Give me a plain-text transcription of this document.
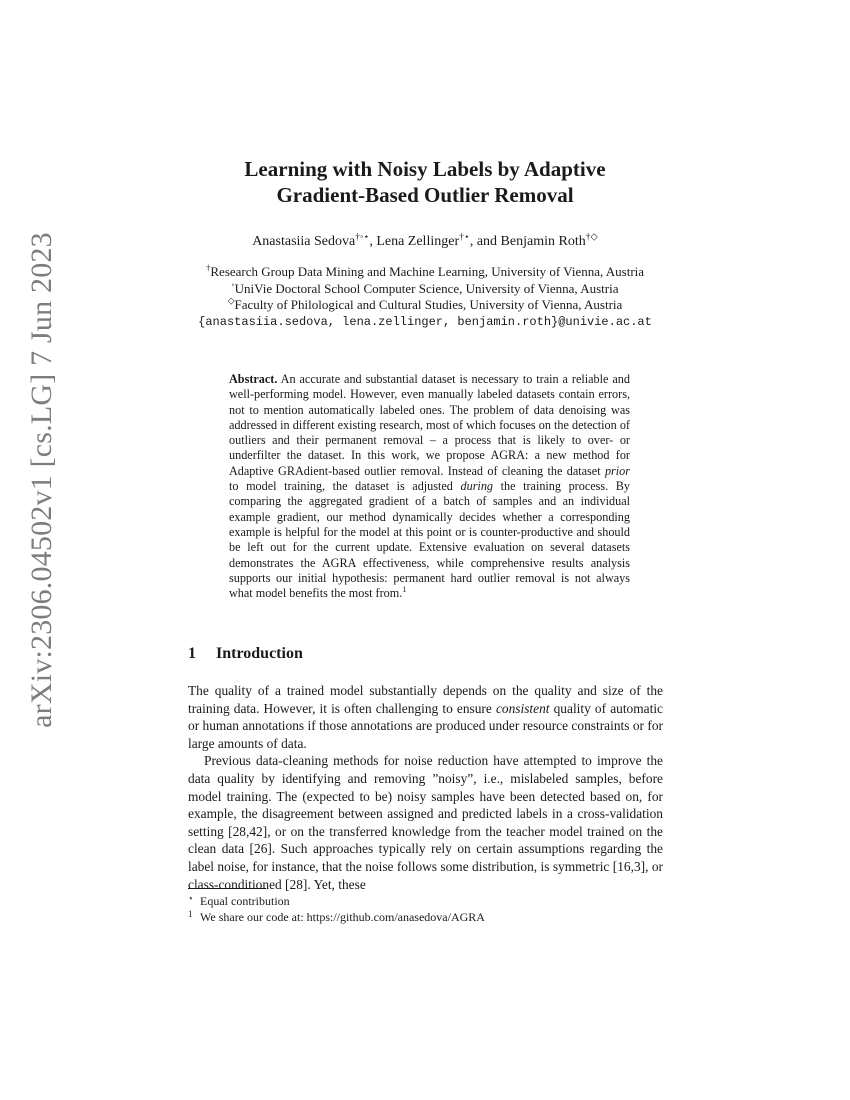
arXiv:2306.04502v1 [cs.LG] 7 Jun 2023
Learning with Noisy Labels by Adaptive
Gradient-Based Outlier Removal
Anastasiia Sedova†◦⋆, Lena Zellinger†⋆, and Benjamin Roth†◇
†Research Group Data Mining and Machine Learning, University of Vienna, Austria
◦UniVie Doctoral School Computer Science, University of Vienna, Austria
◇Faculty of Philological and Cultural Studies, University of Vienna, Austria
{anastasiia.sedova, lena.zellinger, benjamin.roth}@univie.ac.at
Abstract. An accurate and substantial dataset is necessary to train a reliable and well-performing model. However, even manually labeled datasets contain errors, not to mention automatically labeled ones. The problem of data denoising was addressed in different existing research, most of which focuses on the detection of outliers and their permanent removal – a process that is likely to over- or underfilter the dataset. In this work, we propose AGRA: a new method for Adaptive GRAdient-based outlier removal. Instead of cleaning the dataset prior to model training, the dataset is adjusted during the training process. By comparing the aggregated gradient of a batch of samples and an individual example gradient, our method dynamically decides whether a corresponding example is helpful for the model at this point or is counter-productive and should be left out for the current update. Extensive evaluation on several datasets demonstrates the AGRA effectiveness, while comprehensive results analysis supports our initial hypothesis: permanent hard outlier removal is not always what model benefits the most from.$^1$
1 Introduction

The quality of a trained model substantially depends on the quality and size of the training data. However, it is often challenging to ensure consistent quality of automatic or human annotations if those annotations are produced under resource constraints or for large amounts of data.

Previous data-cleaning methods for noise reduction have attempted to improve the data quality by identifying and removing ”noisy”, i.e., mislabeled samples, before model training. The (expected to be) noisy samples have been detected based on, for example, the disagreement between assigned and predicted labels in a cross-validation setting [28,42], or on the transferred knowledge from the teacher model trained on the clean data [26]. Such approaches typically rely on certain assumptions regarding the label noise, for instance, that the noise follows some distribution, is symmetric [16,3], or class-conditioned [28]. Yet, these

⋆ Equal contribution
1 We share our code at: https://github.com/anasedova/AGRA
